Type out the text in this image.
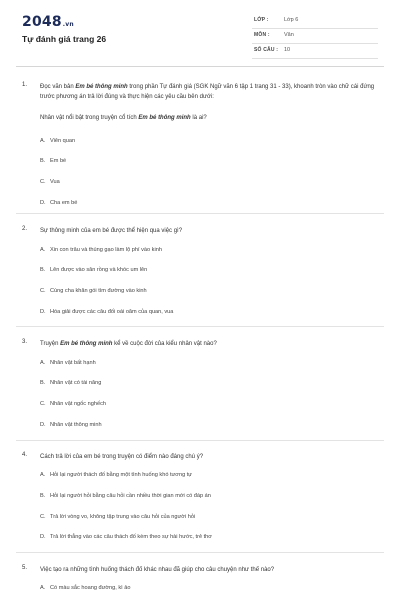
2048.vn
Tự đánh giá trang 26
LỚP :	Lớp 6
MÔN :	Văn
SỐ CÂU : 10
1. Đọc văn bản Em bé thông minh trong phần Tự đánh giá (SGK Ngữ văn 6 tập 1 trang 31 - 33), khoanh tròn vào chữ cái đứng trước phương án trả lời đúng và thực hiện các yêu cầu bên dưới:
Nhân vật nổi bật trong truyện cổ tích Em bé thông minh là ai?
A. Viên quan
B. Em bé
C. Vua
D. Cha em bé
2. Sự thông minh của em bé được thể hiện qua việc gì?
A. Xin con trâu và thúng gạo làm lộ phí vào kinh
B. Lên được vào sân rồng và khóc um lên
C. Cùng cha khăn gói tìm đường vào kinh
D. Hóa giải được các câu đối oái oăm của quan, vua
3. Truyện Em bé thông minh kể về cuộc đời của kiểu nhân vật nào?
A. Nhân vật bất hạnh
B. Nhân vật có tài năng
C. Nhân vật ngốc nghếch
D. Nhân vật thông minh
4. Cách trả lời của em bé trong truyện có điểm nào đáng chú ý?
A. Hỏi lại người thách đố bằng một tình huống khó tương tự
B. Hỏi lại người hỏi bằng câu hỏi cần nhiều thời gian mới có đáp án
C. Trả lời vòng vo, không tập trung vào câu hỏi của người hỏi
D. Trả lời thẳng vào các câu thách đố kèm theo sự hài hước, trẻ thơ
5. Việc tạo ra những tình huống thách đố khác nhau đã giúp cho câu chuyện như thế nào?
A. Có màu sắc hoang đường, kì ảo
